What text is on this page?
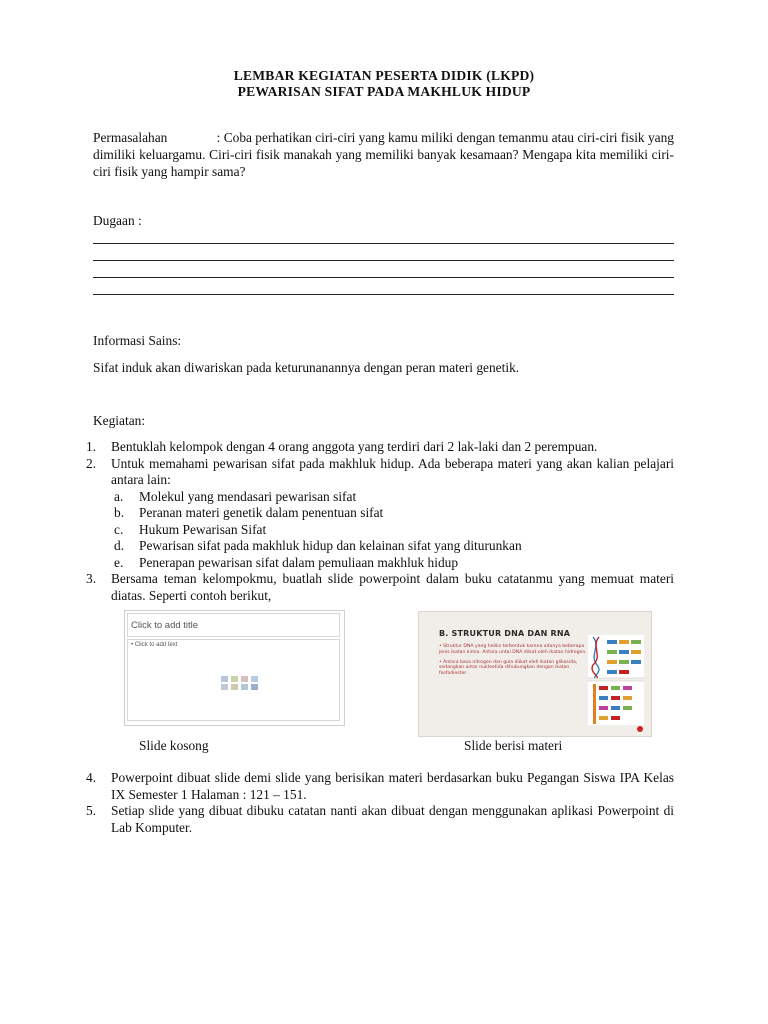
LEMBAR KEGIATAN PESERTA DIDIK (LKPD)
PEWARISAN SIFAT PADA MAKHLUK HIDUP
Permasalahan	: Coba perhatikan ciri-ciri yang kamu miliki dengan temanmu atau ciri-ciri fisik yang
dimiliki keluargamu. Ciri-ciri fisik manakah yang memiliki banyak kesamaan? Mengapa kita memiliki ciri-ciri fisik yang hampir sama?
Dugaan :
Informasi Sains:
Sifat induk akan diwariskan pada keturunanannya dengan peran materi genetik.
Kegiatan:
1.	Bentuklah kelompok dengan 4 orang anggota yang terdiri dari 2 lak-laki dan 2 perempuan.
2.	Untuk memahami pewarisan sifat pada makhluk hidup. Ada beberapa materi yang akan kalian pelajari antara lain:
a.	Molekul yang mendasari pewarisan sifat
b.	Peranan materi genetik dalam penentuan sifat
c.	Hukum Pewarisan Sifat
d.	Pewarisan sifat pada makhluk hidup dan kelainan sifat yang diturunkan
e.	Penerapan pewarisan sifat dalam pemuliaan makhluk hidup
3.	Bersama teman kelompokmu, buatlah slide powerpoint dalam buku catatanmu yang memuat materi diatas. Seperti contoh berikut,
Click to add title
• Click to add text
B. STRUKTUR DNA DAN RNA

• Struktur DNA yang heliks terbentuk karena adanya beberapa jenis ikatan kimia. Antara untai DNA diikat oleh ikatan hidrogen.

• Antara basa nitrogen dan gula diikat oleh ikatan glikosida, sedangkan antar nukleotida dihubungkan dengan ikatan fosfodiester.

Slide kosong	Slide berisi materi
4.	Powerpoint dibuat slide demi slide yang berisikan materi berdasarkan buku Pegangan Siswa IPA Kelas IX Semester 1 Halaman : 121 – 151.
5.	Setiap slide yang dibuat dibuku catatan nanti akan dibuat dengan menggunakan aplikasi Powerpoint di Lab Komputer.
